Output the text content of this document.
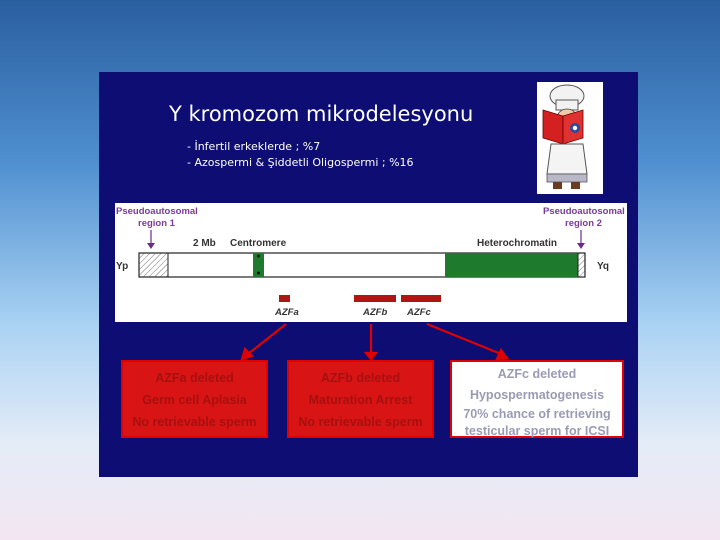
Y kromozom mikrodelesyonu
- İnfertil erkeklerde ; %7
- Azospermi & Şiddetli Oligospermi ; %16
Pseudoautosomal
region 1
Pseudoautosomal
region 2
2 Mb Centromere	Heterochromatin
Yp	Yq
AZFa	AZFb AZFc
AZFa deleted
Germ cell Aplasia
No retrievable sperm
AZFb deleted
Maturation Arrest
No retrievable sperm
AZFc deleted
Hypospermatogenesis
70% chance of retrieving
testicular sperm for ICSI
